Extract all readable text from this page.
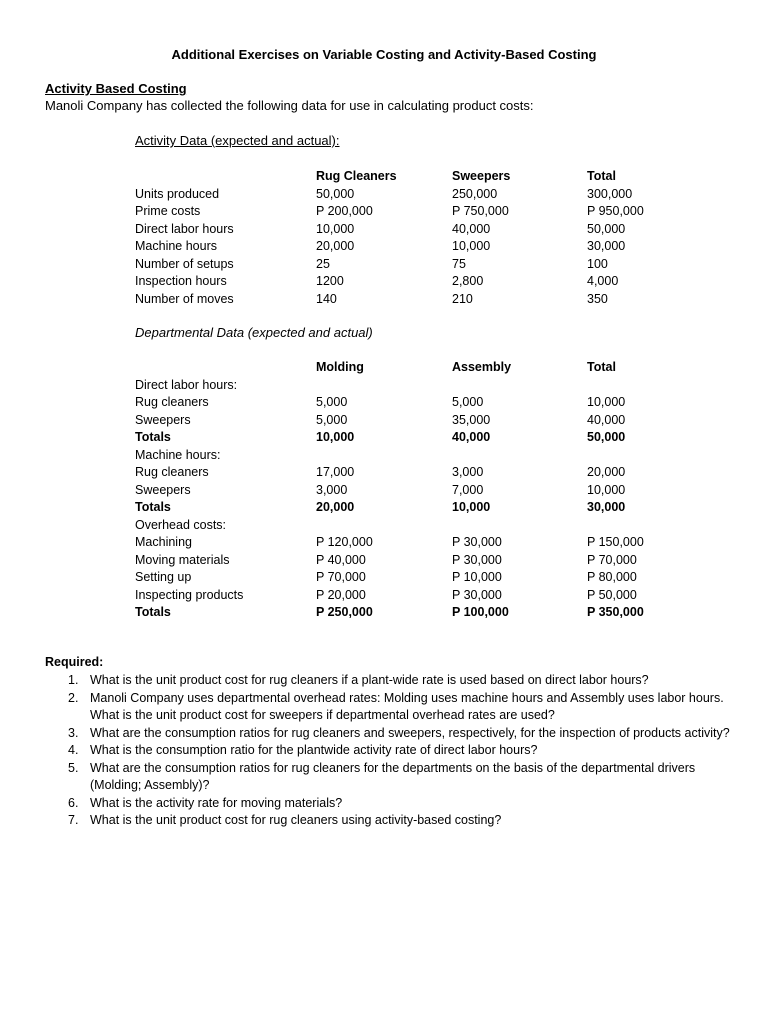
Additional Exercises on Variable Costing and Activity-Based Costing
Activity Based Costing
Manoli Company has collected the following data for use in calculating product costs:
Activity Data (expected and actual):
Rug Cleaners	Sweepers	Total
Units produced	50,000	250,000	300,000
Prime costs	P 200,000	P 750,000	P 950,000
Direct labor hours	10,000	40,000	50,000
Machine hours	20,000	10,000	30,000
Number of setups	25	75	100
Inspection hours	1200	2,800	4,000
Number of moves	140	210	350
Departmental Data (expected and actual)
Molding	Assembly	Total
Direct labor hours:
Rug cleaners	5,000	5,000	10,000
Sweepers	5,000	35,000	40,000
Totals	10,000	40,000	50,000
Machine hours:
Rug cleaners	17,000	3,000	20,000
Sweepers	3,000	7,000	10,000
Totals	20,000	10,000	30,000
Overhead costs:
Machining	P 120,000	P 30,000	P 150,000
Moving materials	P 40,000	P 30,000	P 70,000
Setting up	P 70,000	P 10,000	P 80,000
Inspecting products	P 20,000	P 30,000	P 50,000
Totals	P 250,000	P 100,000	P 350,000
Required:
1. What is the unit product cost for rug cleaners if a plant-wide rate is used based on direct labor hours?
2. Manoli Company uses departmental overhead rates: Molding uses machine hours and Assembly uses labor hours. What is the unit product cost for sweepers if departmental overhead rates are used?
3. What are the consumption ratios for rug cleaners and sweepers, respectively, for the inspection of products activity?
4. What is the consumption ratio for the plantwide activity rate of direct labor hours?
5. What are the consumption ratios for rug cleaners for the departments on the basis of the departmental drivers (Molding; Assembly)?
6. What is the activity rate for moving materials?
7. What is the unit product cost for rug cleaners using activity-based costing?
